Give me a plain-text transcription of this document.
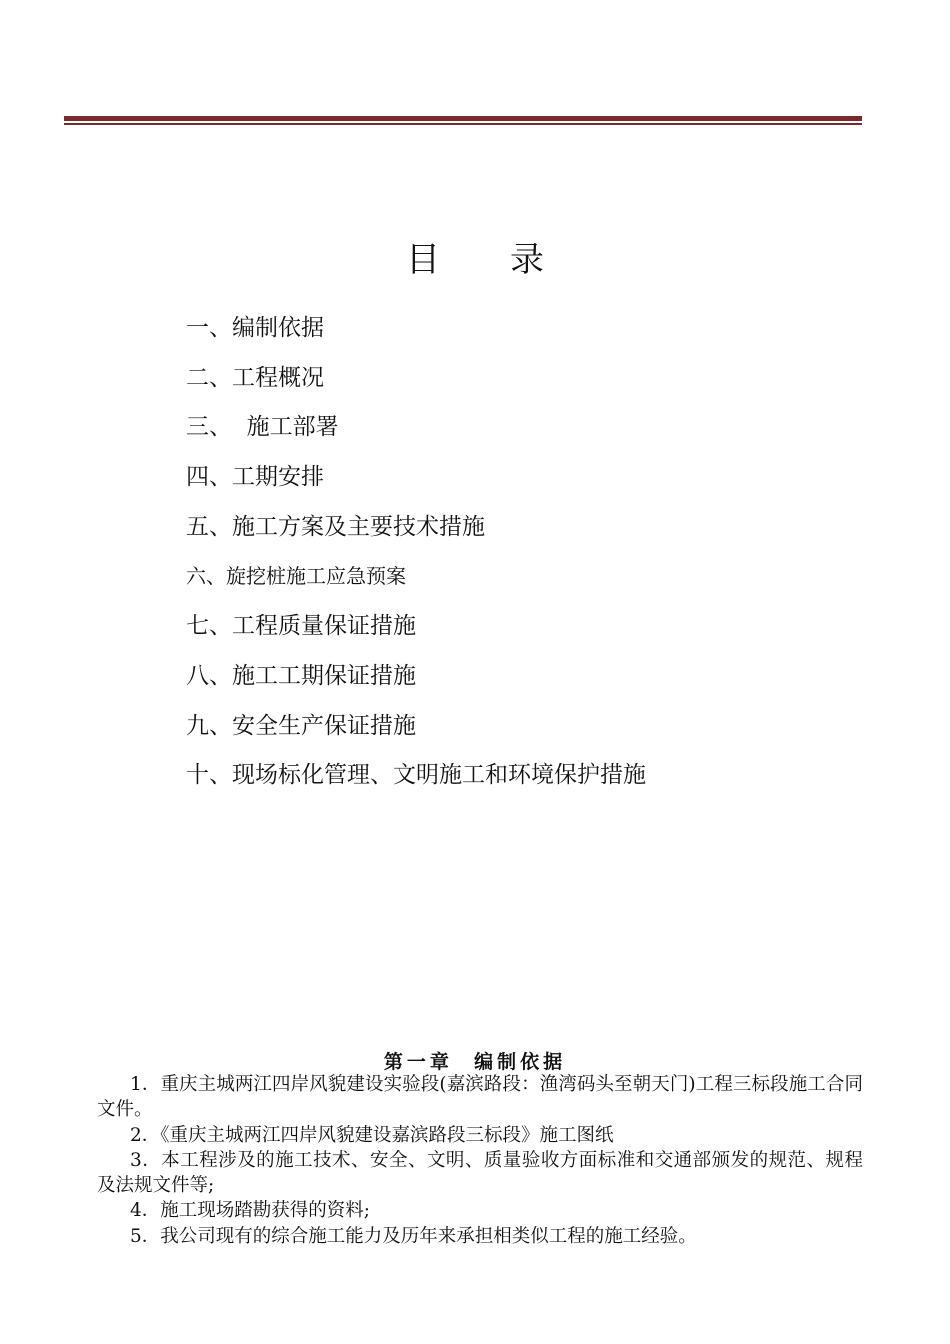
目 录
一、编制依据
二、工程概况
三、  施工部署
四、工期安排
五、施工方案及主要技术措施
六、旋挖桩施工应急预案
七、工程质量保证措施
八、施工工期保证措施
九、安全生产保证措施
十、现场标化管理、文明施工和环境保护措施
第一章  编制依据

1．重庆主城两江四岸风貌建设实验段(嘉滨路段：渔湾码头至朝天门)工程三标段施工合同文件。

2．《重庆主城两江四岸风貌建设嘉滨路段三标段》施工图纸

3．本工程涉及的施工技术、安全、文明、质量验收方面标准和交通部颁发的规范、规程及法规文件等;

4．施工现场踏勘获得的资料;

5．我公司现有的综合施工能力及历年来承担相类似工程的施工经验。
